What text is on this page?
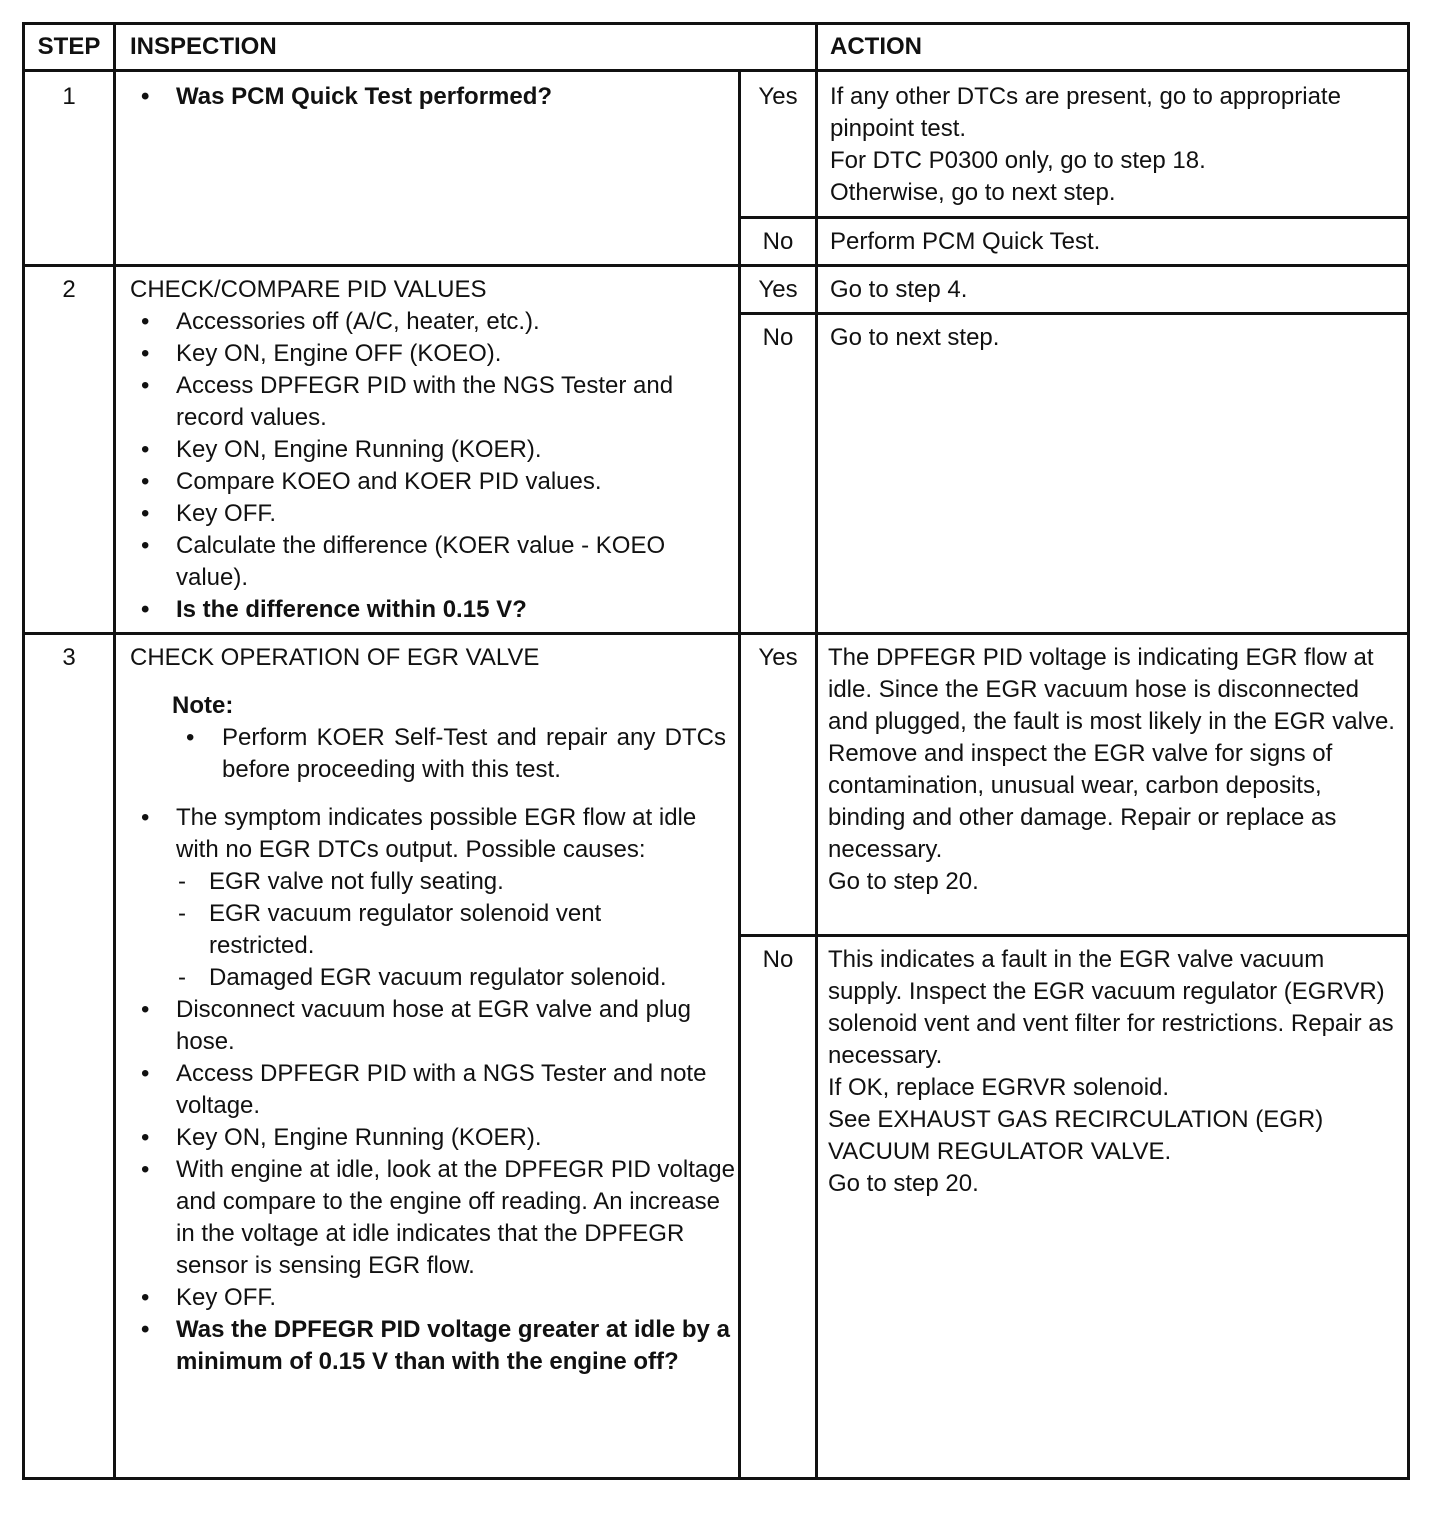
STEP	INSPECTION	ACTION
1

•	Was PCM Quick Test performed?	Yes	If any other DTCs are present, go to appropriate pinpoint test.

For DTC P0300 only, go to step 18.

Otherwise, go to next step.

No	Perform PCM Quick Test.
2	CHECK/COMPARE PID VALUES

• Accessories off (A/C, heater, etc.).

• Key ON, Engine OFF (KOEO).

• Access DPFEGR PID with the NGS Tester and record values.

• Key ON, Engine Running (KOER).

• Compare KOEO and KOER PID values.

• Key OFF.

• Calculate the difference (KOER value - KOEO value).

• Is the difference within 0.15 V?

Yes	Go to step 4.
No	Go to next step.
3	CHECK OPERATION OF EGR VALVE

Note:

• Perform KOER Self-Test and repair any DTCs before proceeding with this test.

• The symptom indicates possible EGR flow at idle with no EGR DTCs output. Possible causes:

- EGR valve not fully seating.

- EGR vacuum regulator solenoid vent restricted.

- Damaged EGR vacuum regulator solenoid.

• Disconnect vacuum hose at EGR valve and plug hose.

• Access DPFEGR PID with a NGS Tester and note voltage.

• Key ON, Engine Running (KOER).

• With engine at idle, look at the DPFEGR PID voltage and compare to the engine off reading. An increase in the voltage at idle indicates that the DPFEGR sensor is sensing EGR flow.

• Key OFF.

• Was the DPFEGR PID voltage greater at idle by a minimum of 0.15 V than with the engine off?

Yes	The DPFEGR PID voltage is indicating EGR flow at idle. Since the EGR vacuum hose is disconnected and plugged, the fault is most likely in the EGR valve.

Remove and inspect the EGR valve for signs of contamination, unusual wear, carbon deposits, binding and other damage. Repair or replace as necessary.

Go to step 20.

No	This indicates a fault in the EGR valve vacuum supply. Inspect the EGR vacuum regulator (EGRVR) solenoid vent and vent filter for restrictions. Repair as necessary.

If OK, replace EGRVR solenoid.

See EXHAUST GAS RECIRCULATION (EGR) VACUUM REGULATOR VALVE.

Go to step 20.
